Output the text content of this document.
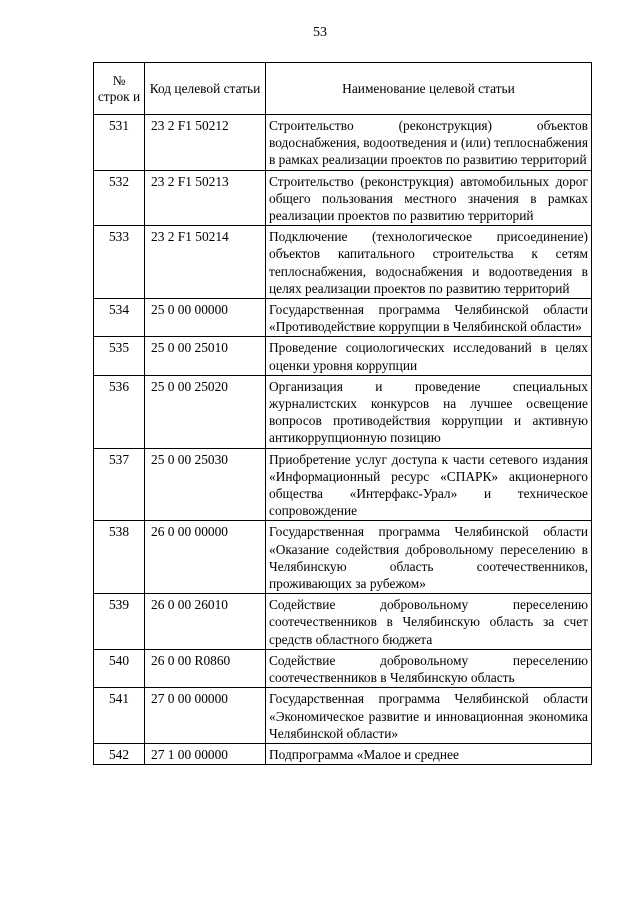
53
№ строк и	Код целевой статьи	Наименование целевой статьи
531	23 2 F1 50212	Строительство (реконструкция) объектов водоснабжения, водоотведения и (или) теплоснабжения в рамках реализации проектов по развитию территорий
532	23 2 F1 50213	Строительство (реконструкция) автомобильных дорог общего пользования местного значения в рамках реализации проектов по развитию территорий
533	23 2 F1 50214	Подключение (технологическое присоединение) объектов капитального строительства к сетям теплоснабжения, водоснабжения и водоотведения в целях реализации проектов по развитию территорий
534	25 0 00 00000	Государственная программа Челябинской области «Противодействие коррупции в Челябинской области»
535	25 0 00 25010	Проведение социологических исследований в целях оценки уровня коррупции
536	25 0 00 25020	Организация и проведение специальных журналистских конкурсов на лучшее освещение вопросов противодействия коррупции и активную антикоррупционную позицию
537	25 0 00 25030	Приобретение услуг доступа к части сетевого издания «Информационный ресурс «СПАРК» акционерного общества «Интерфакс-Урал» и техническое сопровождение
538	26 0 00 00000	Государственная программа Челябинской области «Оказание содействия добровольному переселению в Челябинскую область соотечественников, проживающих за рубежом»
539	26 0 00 26010	Содействие добровольному переселению соотечественников в Челябинскую область за счет средств областного бюджета
540	26 0 00 R0860	Содействие добровольному переселению соотечественников в Челябинскую область
541	27 0 00 00000	Государственная программа Челябинской области «Экономическое развитие и инновационная экономика Челябинской области»
542	27 1 00 00000	Подпрограмма «Малое и среднее
